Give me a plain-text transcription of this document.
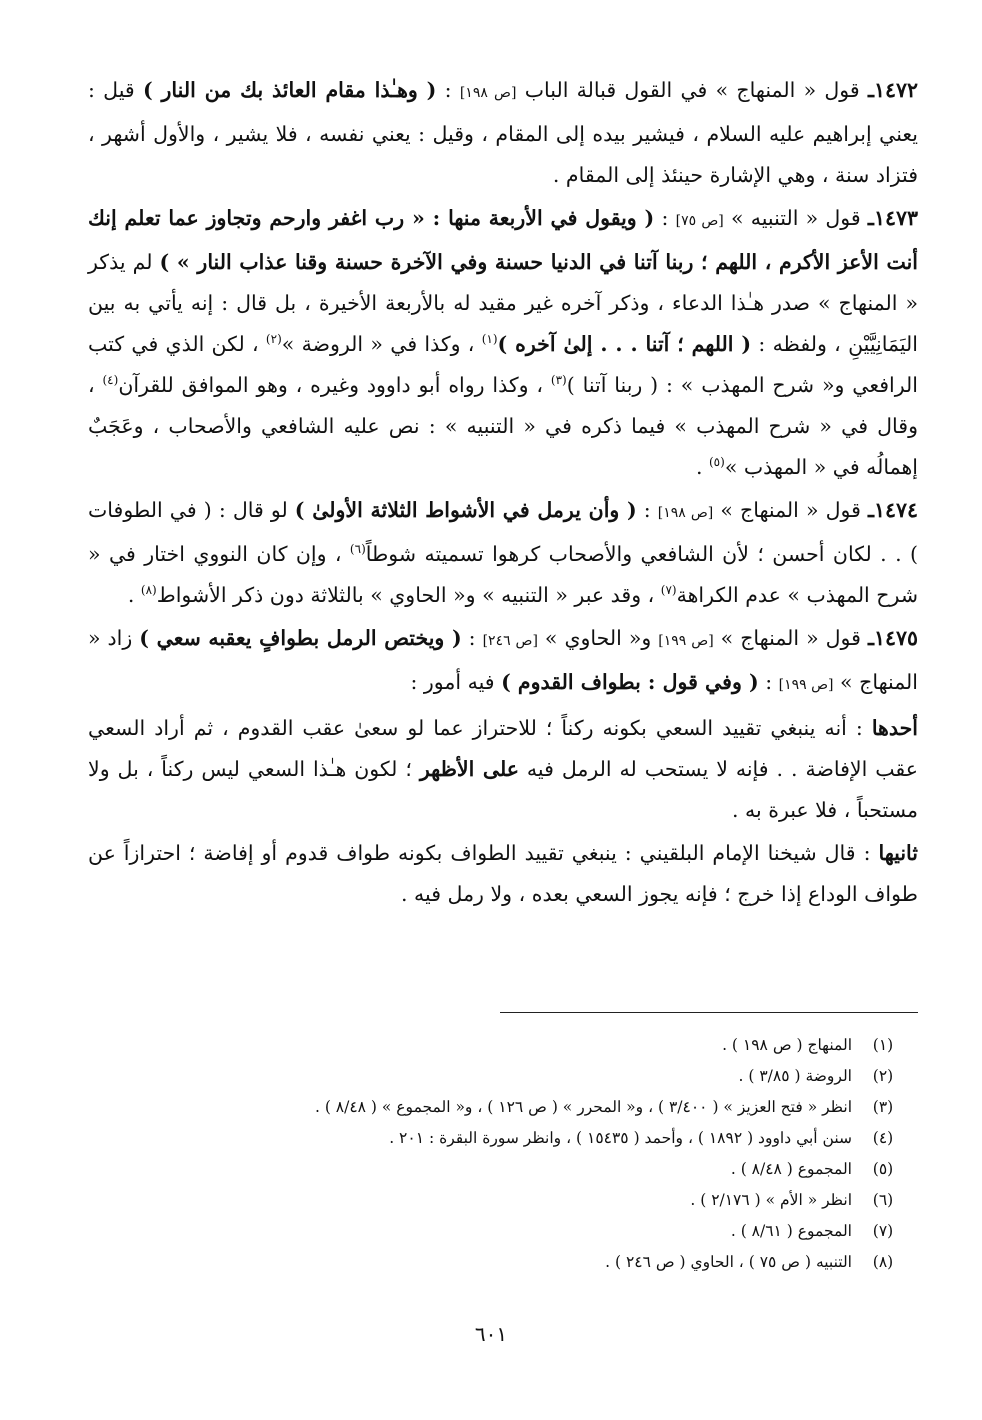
١٤٧٢ـ قول « المنهاج » في القول قبالة الباب [ص ١٩٨] : ( وهـٰذا مقام العائذ بك من النار ) قيل : يعني إبراهيم عليه السلام ، فيشير بيده إلى المقام ، وقيل : يعني نفسه ، فلا يشير ، والأول أشهر ، فتزاد سنة ، وهي الإشارة حينئذ إلى المقام .

١٤٧٣ـ قول « التنبيه » [ص ٧٥] : ( ويقول في الأربعة منها : « رب اغفر وارحم وتجاوز عما تعلم إنك أنت الأعز الأكرم ، اللهم ؛ ربنا آتنا في الدنيا حسنة وفي الآخرة حسنة وقنا عذاب النار » ) لم يذكر « المنهاج » صدر هـٰذا الدعاء ، وذكر آخره غير مقيد له بالأربعة الأخيرة ، بل قال : إنه يأتي به بين اليَمَانِيَّيْنِ ، ولفظه : ( اللهم ؛ آتنا . . . إلىٰ آخره )$^{(١)}$ ، وكذا في « الروضة »$^{(٢)}$ ، لكن الذي في كتب الرافعي و« شرح المهذب » : ( ربنا آتنا )$^{(٣)}$ ، وكذا رواه أبو داوود وغيره ، وهو الموافق للقرآن$^{(٤)}$ ، وقال في « شرح المهذب » فيما ذكره في « التنبيه » : نص عليه الشافعي والأصحاب ، وعَجَبٌ إهمالُه في « المهذب »$^{(٥)}$ .

١٤٧٤ـ قول « المنهاج » [ص ١٩٨] : ( وأن يرمل في الأشواط الثلاثة الأولىٰ ) لو قال : ( في الطوفات ) . . لكان أحسن ؛ لأن الشافعي والأصحاب كرهوا تسميته شوطاً$^{(٦)}$ ، وإن كان النووي اختار في « شرح المهذب » عدم الكراهة$^{(٧)}$ ، وقد عبر « التنبيه » و« الحاوي » بالثلاثة دون ذكر الأشواط$^{(٨)}$ .

١٤٧٥ـ قول « المنهاج » [ص ١٩٩] و« الحاوي » [ص ٢٤٦] : ( ويختص الرمل بطوافٍ يعقبه سعي ) زاد « المنهاج » [ص ١٩٩] : ( وفي قول : بطواف القدوم ) فيه أمور :

أحدها : أنه ينبغي تقييد السعي بكونه ركناً ؛ للاحتراز عما لو سعىٰ عقب القدوم ، ثم أراد السعي عقب الإفاضة . . فإنه لا يستحب له الرمل فيه على الأظهر ؛ لكون هـٰذا السعي ليس ركناً ، بل ولا مستحباً ، فلا عبرة به .

ثانيها : قال شيخنا الإمام البلقيني : ينبغي تقييد الطواف بكونه طواف قدوم أو إفاضة ؛ احترازاً عن طواف الوداع إذا خرج ؛ فإنه يجوز السعي بعده ، ولا رمل فيه .

(١)
المنهاج ( ص ١٩٨ ) .
(٢)
الروضة ( ٣/٨٥ ) .
(٣)
انظر « فتح العزيز » ( ٣/٤٠٠ ) ، و« المحرر » ( ص ١٢٦ ) ، و« المجموع » ( ٨/٤٨ ) .
(٤)
سنن أبي داوود ( ١٨٩٢ ) ، وأحمد ( ١٥٤٣٥ ) ، وانظر سورة البقرة : ٢٠١ .
(٥)
المجموع ( ٨/٤٨ ) .
(٦)
انظر « الأم » ( ٢/١٧٦ ) .
(٧)
المجموع ( ٨/٦١ ) .
(٨)
التنبيه ( ص ٧٥ ) ، الحاوي ( ص ٢٤٦ ) .
٦٠١
